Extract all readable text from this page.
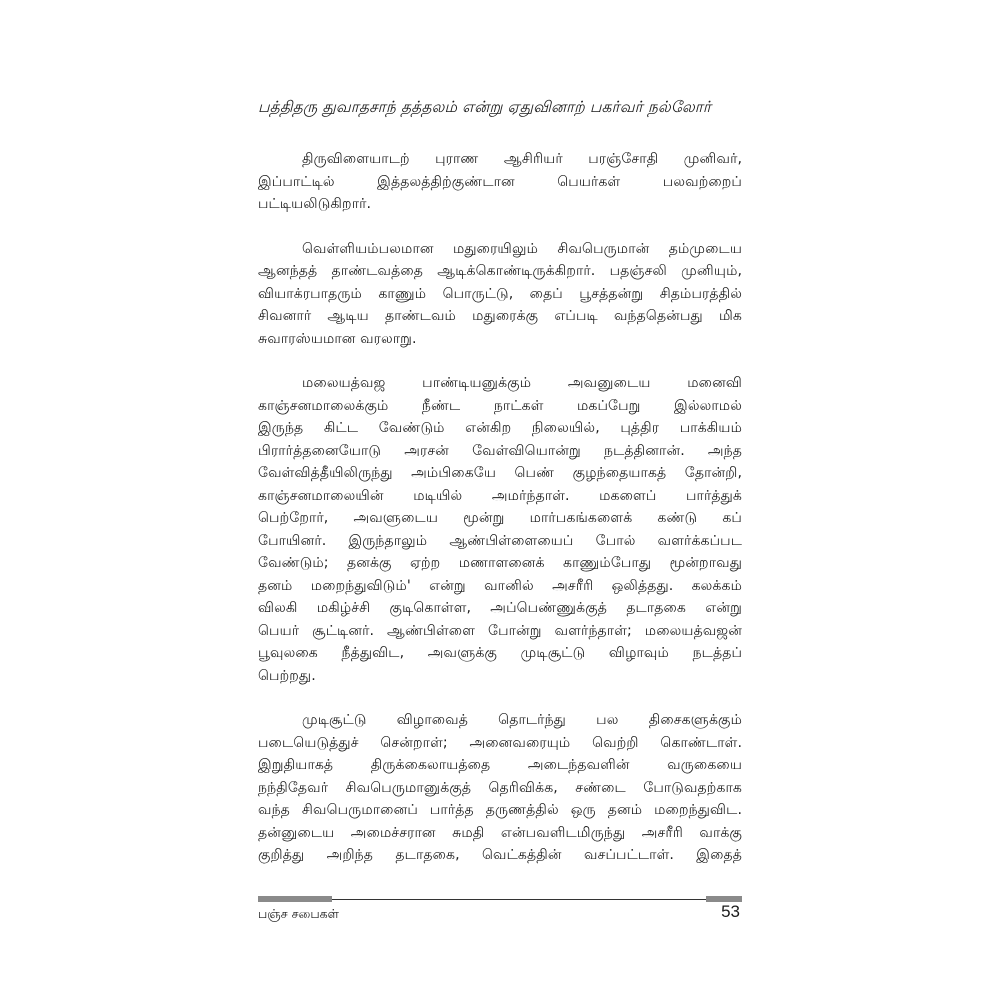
பத்திதரு துவாதசாந் தத்தலம் என்று ஏதுவினாற் பகர்வர் நல்லோர்

திருவிளையாடற் புராண ஆசிரியர் பரஞ்சோதி முனிவர்,
இப்பாட்டில் இத்தலத்திற்குண்டான பெயர்கள் பலவற்றைப்
பட்டியலிடுகிறார்.

வெள்ளியம்பலமான மதுரையிலும் சிவபெருமான் தம்முடைய
ஆனந்தத் தாண்டவத்தை ஆடிக்கொண்டிருக்கிறார். பதஞ்சலி முனியும்,
வியாக்ரபாதரும் காணும் பொருட்டு, தைப் பூசத்தன்று சிதம்பரத்தில்
சிவனார் ஆடிய தாண்டவம் மதுரைக்கு எப்படி வந்ததென்பது மிக
சுவாரஸ்யமான வரலாறு.

மலையத்வஜ பாண்டியனுக்கும் அவனுடைய மனைவி
காஞ்சனமாலைக்கும் நீண்ட நாட்கள் மகப்பேறு இல்லாமல்
இருந்த கிட்ட வேண்டும் என்கிற நிலையில், புத்திர பாக்கியம்
பிரார்த்தனையோடு அரசன் வேள்வியொன்று நடத்தினான். அந்த
வேள்வித்தீயிலிருந்து அம்பிகையே பெண் குழந்தையாகத் தோன்றி,
காஞ்சனமாலையின் மடியில் அமர்ந்தாள். மகளைப் பார்த்துக்
பெற்றோர், அவளுடைய மூன்று மார்பகங்களைக் கண்டு கப்
போயினர். இருந்தாலும் ஆண்பிள்ளையைப் போல் வளர்க்கப்பட
வேண்டும்; தனக்கு ஏற்ற மணாளனைக் காணும்போது மூன்றாவது
தனம் மறைந்துவிடும்' என்று வானில் அசரீரி ஒலித்தது. கலக்கம்
விலகி மகிழ்ச்சி குடிகொள்ள, அப்பெண்ணுக்குத் தடாதகை என்று
பெயர் சூட்டினர். ஆண்பிள்ளை போன்று வளர்ந்தாள்; மலையத்வஜன்
பூவுலகை நீத்துவிட, அவளுக்கு முடிசூட்டு விழாவும் நடத்தப்
பெற்றது.

முடிசூட்டு விழாவைத் தொடர்ந்து பல திசைகளுக்கும்
படையெடுத்துச் சென்றாள்; அனைவரையும் வெற்றி கொண்டாள்.
இறுதியாகத் திருக்கைலாயத்தை அடைந்தவளின் வருகையை
நந்திதேவர் சிவபெருமானுக்குத் தெரிவிக்க, சண்டை போடுவதற்காக
வந்த சிவபெருமானைப் பார்த்த தருணத்தில் ஒரு தனம் மறைந்துவிட.
தன்னுடைய அமைச்சரான சுமதி என்பவளிடமிருந்து அசரீரி வாக்கு
குறித்து அறிந்த தடாதகை, வெட்கத்தின் வசப்பட்டாள். இதைத்

பஞ்ச சபைகள்	53
